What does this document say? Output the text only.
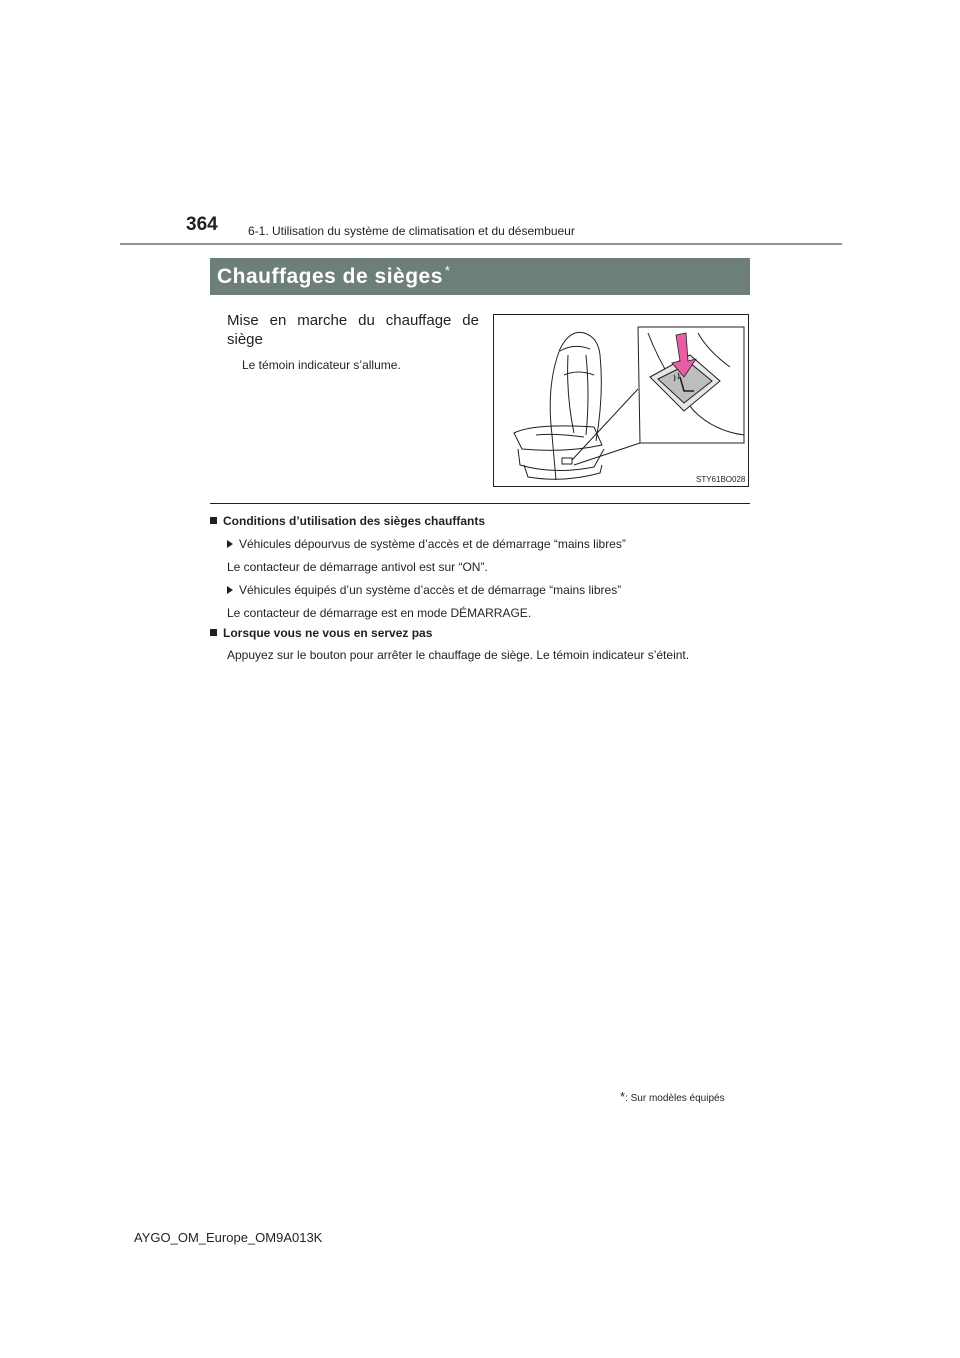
364	6-1. Utilisation du système de climatisation et du désembueur
Chauffages de sièges *
Mise en marche du chauffage de
siège
Le témoin indicateur s’allume.
STY61BO028
Conditions d’utilisation des sièges chauffants
Véhicules dépourvus de système d’accès et de démarrage “mains libres”
Le contacteur de démarrage antivol est sur “ON”.
Véhicules équipés d’un système d’accès et de démarrage “mains libres”
Le contacteur de démarrage est en mode DÉMARRAGE.
Lorsque vous ne vous en servez pas
Appuyez sur le bouton pour arrêter le chauffage de siège. Le témoin indicateur s’éteint.
*: Sur modèles équipés
AYGO_OM_Europe_OM9A013K
